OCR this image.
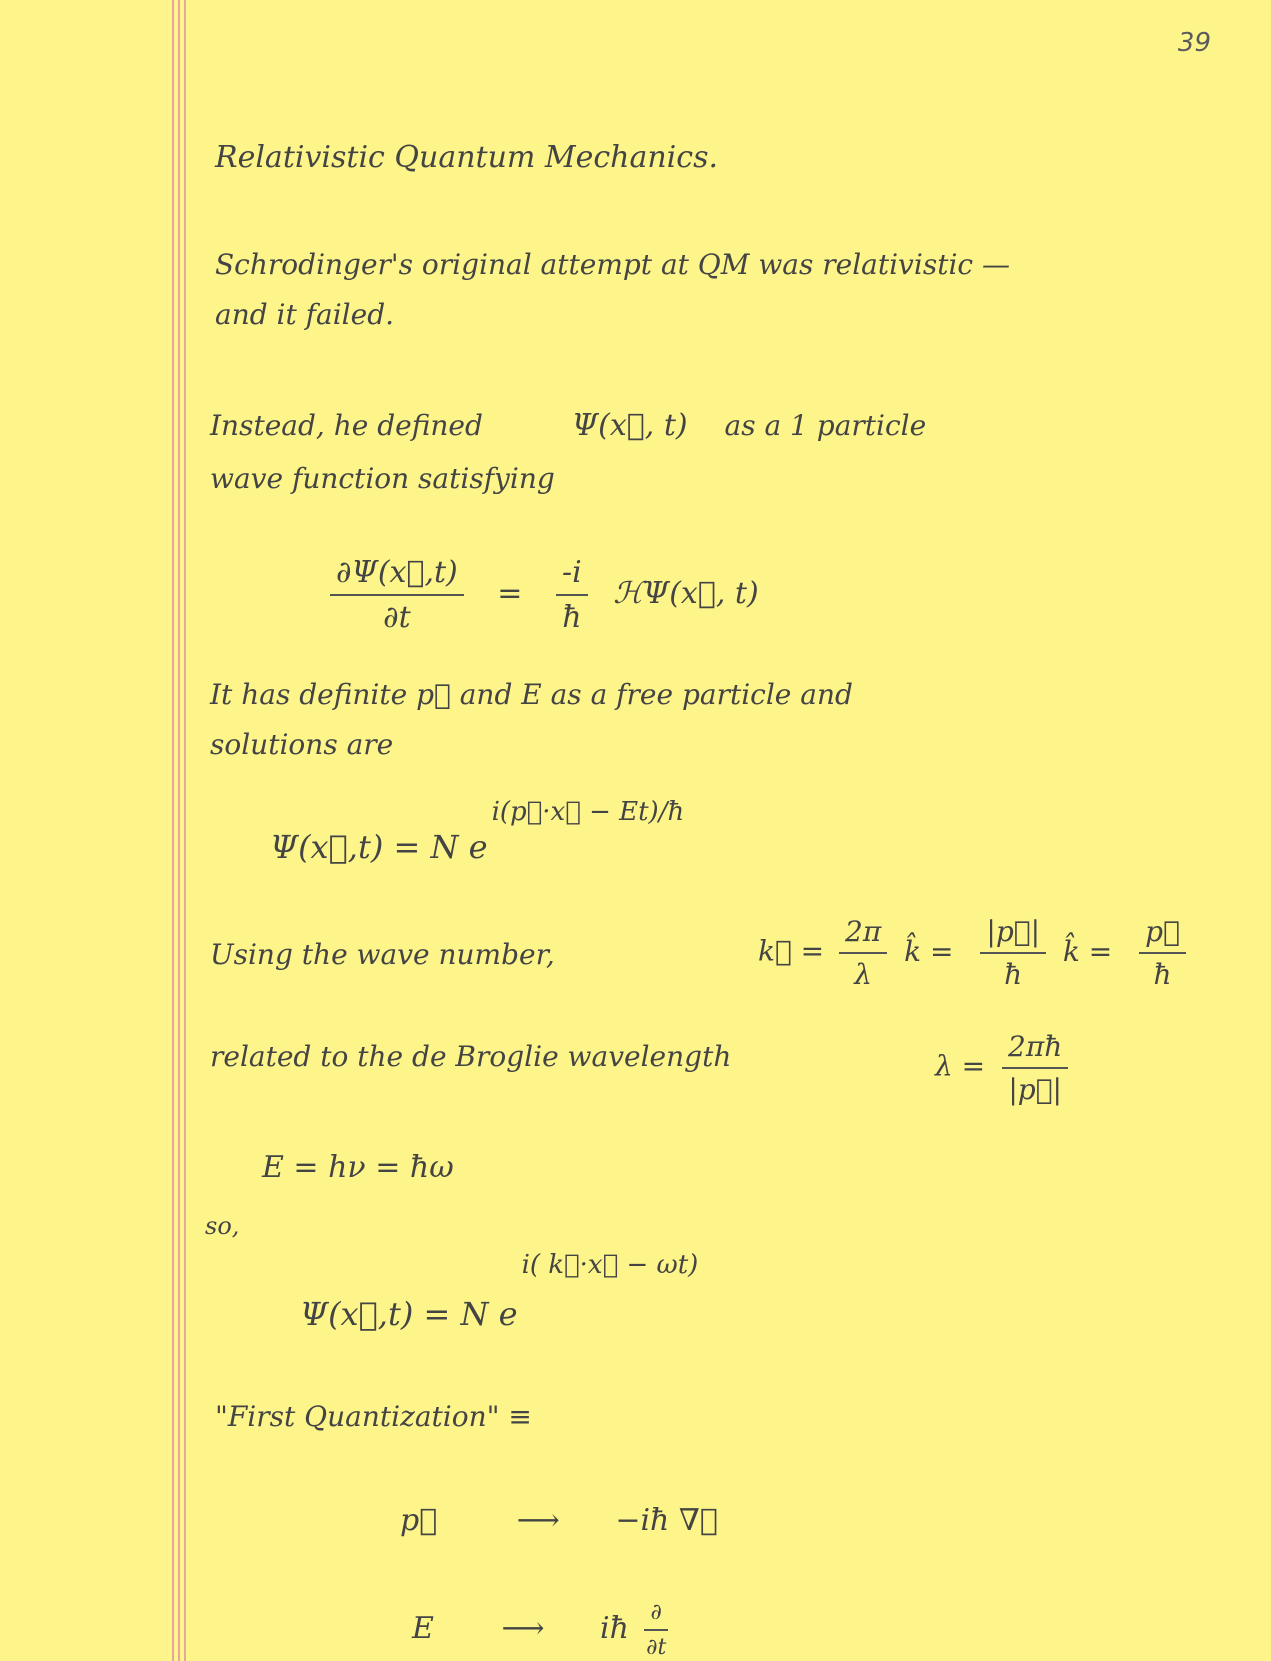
39
Relativistic Quantum Mechanics.
Schrodinger's original attempt at QM was relativistic —
and it failed.
Instead, he defined	Ψ(x⃗, t) as a 1 particle
wave function satisfying
$\frac{\partial\Psi(x⃗,t)}{\partial t} = \frac{-i}{ħ}$ ℋΨ(x⃗, t)
It has definite p⃗ and E as a free particle and
solutions are
Ψ(x⃗,t) = N $e^{i(p⃗\cdot x⃗ - Et)/ħ}$
Using the wave number,	k⃗ = $\frac{2\pi}{\lambda}$ k̂ = $\frac{|p⃗|}{ħ}$ k̂ = $\frac{p⃗}{ħ}$
related to the de Broglie wavelength	$\lambda = \frac{2\pi ħ}{|p⃗|}$
E = hν = ħω
so,
Ψ(x⃗,t) = N $e^{i( k⃗\cdot x⃗ - \omega t)}$
"First Quantization" ≡
p⃗	⟶ −iħ ∇⃗
E ⟶ iħ $\frac{\partial}{\partial t}$
